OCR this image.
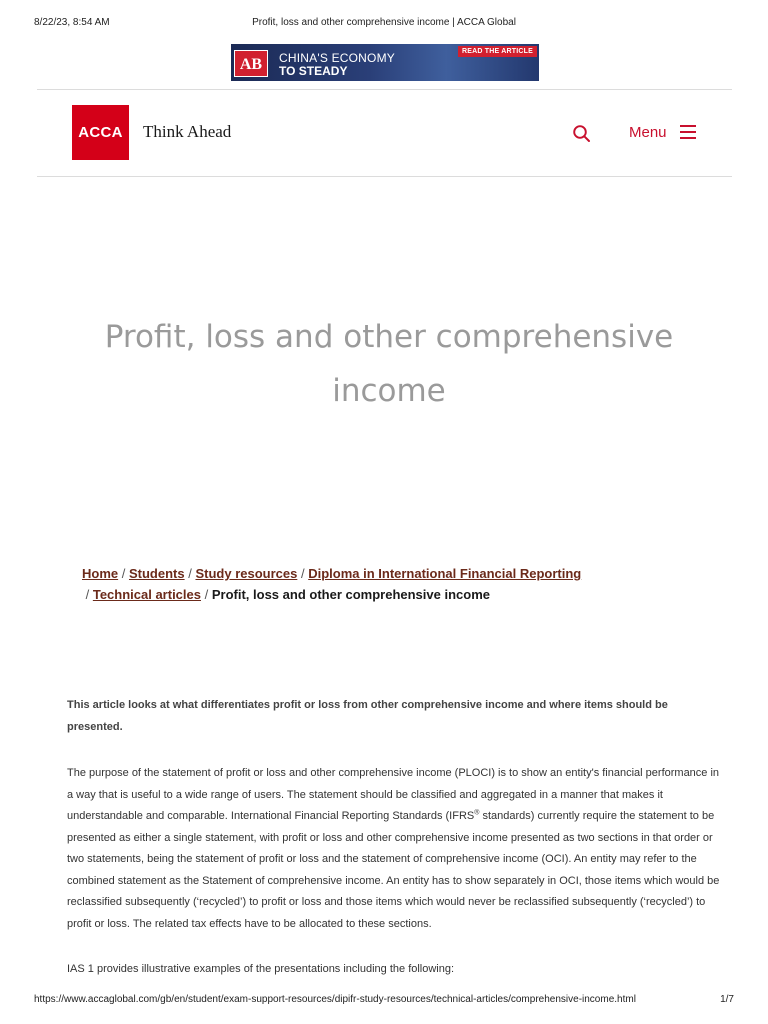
8/22/23, 8:54 AM	Profit, loss and other comprehensive income | ACCA Global
AB	CHINA'S ECONOMY
TO STEADY
READ THE ARTICLE
ACCA	Think Ahead	Menu
Profit, loss and other comprehensive income
Home / Students / Study resources / Diploma in International Financial Reporting
/ Technical articles / Profit, loss and other comprehensive income

This article looks at what differentiates profit or loss from other comprehensive income and where items should be presented.

The purpose of the statement of profit or loss and other comprehensive income (PLOCI) is to show an entity's financial performance in a way that is useful to a wide range of users. The statement should be classified and aggregated in a manner that makes it understandable and comparable. International Financial Reporting Standards (IFRS® standards) currently require the statement to be presented as either a single statement, with profit or loss and other comprehensive income presented as two sections in that order or two statements, being the statement of profit or loss and the statement of comprehensive income (OCI). An entity may refer to the combined statement as the Statement of comprehensive income. An entity has to show separately in OCI, those items which would be reclassified subsequently (‘recycled’) to profit or loss and those items which would never be reclassified subsequently (‘recycled’) to profit or loss. The related tax effects have to be allocated to these sections.

IAS 1 provides illustrative examples of the presentations including the following:

https://www.accaglobal.com/gb/en/student/exam-support-resources/dipifr-study-resources/technical-articles/comprehensive-income.html	1/7
